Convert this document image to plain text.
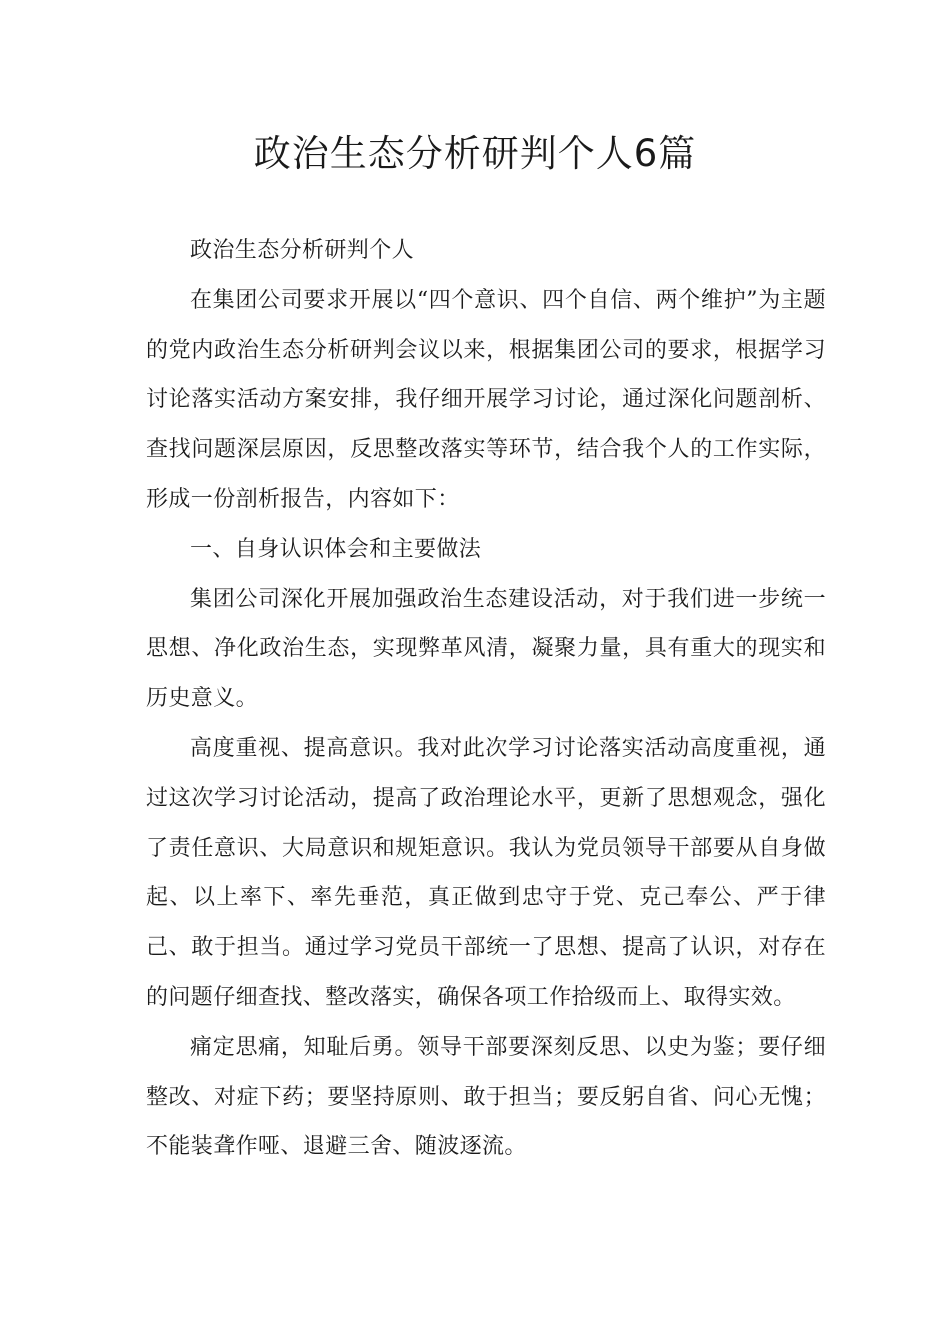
政治生态分析研判个人6篇

政治生态分析研判个人

在集团公司要求开展以“四个意识、四个自信、两个维护”为主题的党内政治生态分析研判会议以来，根据集团公司的要求，根据学习讨论落实活动方案安排，我仔细开展学习讨论，通过深化问题剖析、查找问题深层原因，反思整改落实等环节，结合我个人的工作实际，形成一份剖析报告，内容如下：

一、自身认识体会和主要做法

集团公司深化开展加强政治生态建设活动，对于我们进一步统一思想、净化政治生态，实现弊革风清，凝聚力量，具有重大的现实和历史意义。

高度重视、提高意识。我对此次学习讨论落实活动高度重视，通过这次学习讨论活动，提高了政治理论水平，更新了思想观念，强化了责任意识、大局意识和规矩意识。我认为党员领导干部要从自身做起、以上率下、率先垂范，真正做到忠守于党、克己奉公、严于律己、敢于担当。通过学习党员干部统一了思想、提高了认识，对存在的问题仔细查找、整改落实，确保各项工作拾级而上、取得实效。

痛定思痛，知耻后勇。领导干部要深刻反思、以史为鉴；要仔细整改、对症下药；要坚持原则、敢于担当；要反躬自省、问心无愧；不能装聋作哑、退避三舍、随波逐流。
